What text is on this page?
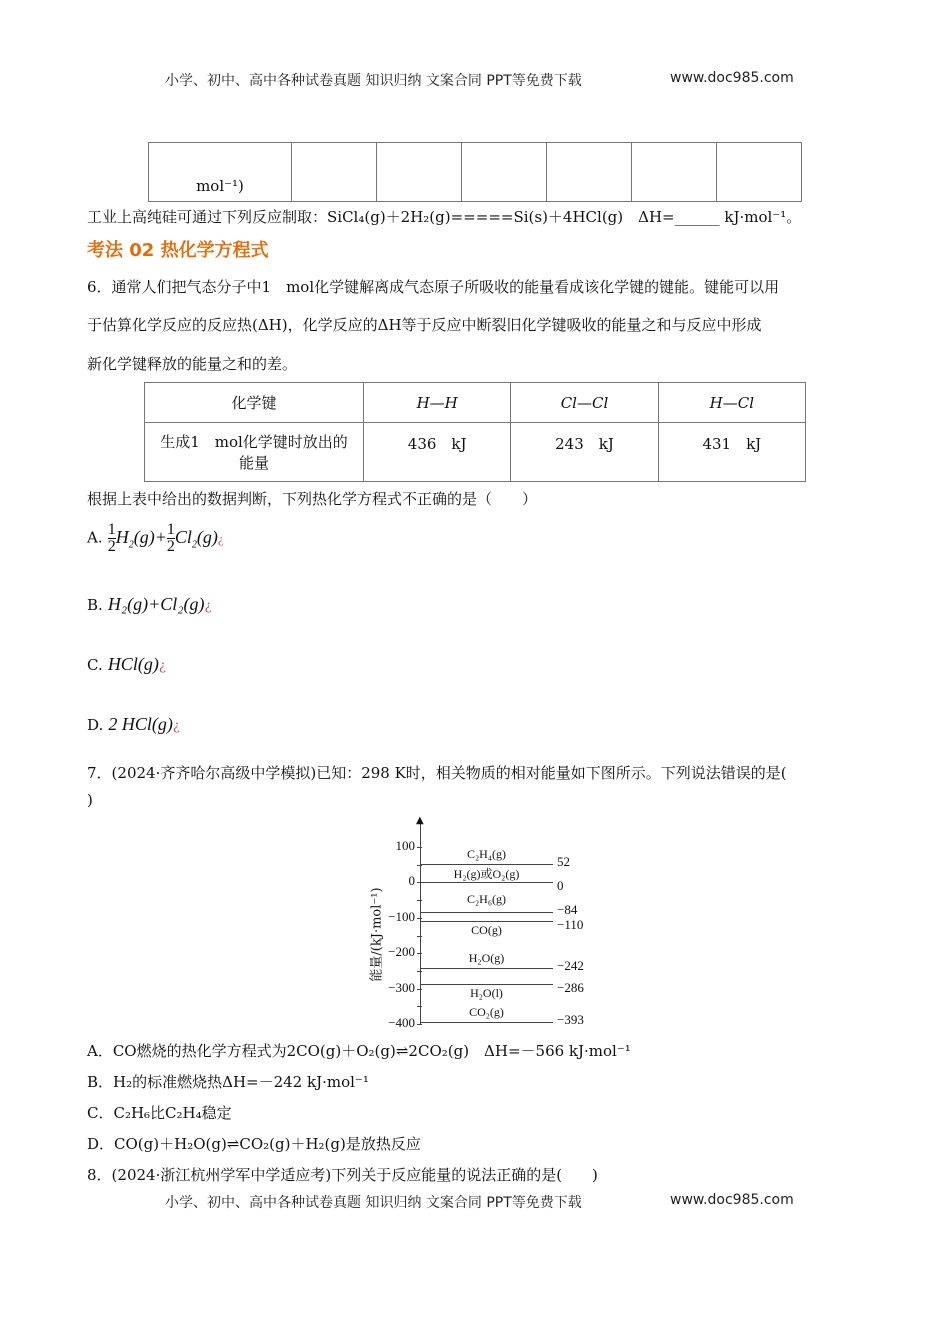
小学、初中、高中各种试卷真题 知识归纳 文案合同 PPT等免费下载	www.doc985.com
mol⁻¹)						
工业上高纯硅可通过下列反应制取：SiCl₄(g)＋2H₂(g)=====Si(s)＋4HCl(g)　ΔH=______ kJ·mol⁻¹。
考法 02 热化学方程式
6．通常人们把气态分子中1　mol化学键解离成气态原子所吸收的能量看成该化学键的键能。键能可以用
于估算化学反应的反应热(ΔH)，化学反应的ΔH等于反应中断裂旧化学键吸收的能量之和与反应中形成
新化学键释放的能量之和的差。
化学键	H—H	Cl—Cl	H—Cl

生成1　mol化学键时放出的
能量
	436　kJ	243　kJ	431　kJ
根据上表中给出的数据判断，下列热化学方程式不正确的是（　　）
A. $\frac{1}{2} H_2(g)+ \frac{1}{2}$ $Cl_2(g)¿$
B. H₂(g)+Cl₂(g)¿
C. HCl(g)¿
D. 2 HCl(g)¿
7．(2024·齐齐哈尔高级中学模拟)已知：298 K时，相关物质的相对能量如下图所示。下列说法错误的是(
)
▲
能量/(kJ·mol⁻¹)
100
0
−100
−200
−300
−400
52
C₂H₄(g)
0
H₂(g)或O₂(g)
−84
C₂H₆(g)
−110
CO(g)
−242
H₂O(g)
−286
H₂O(l)
−393
CO₂(g)
A．CO燃烧的热化学方程式为2CO(g)＋O₂(g)⇌2CO₂(g)　ΔH=－566 kJ·mol⁻¹
B．H₂的标准燃烧热ΔH=－242 kJ·mol⁻¹
C．C₂H₆比C₂H₄稳定
D．CO(g)＋H₂O(g)⇌CO₂(g)＋H₂(g)是放热反应
8．(2024·浙江杭州学军中学适应考)下列关于反应能量的说法正确的是(　　)
小学、初中、高中各种试卷真题 知识归纳 文案合同 PPT等免费下载	www.doc985.com
